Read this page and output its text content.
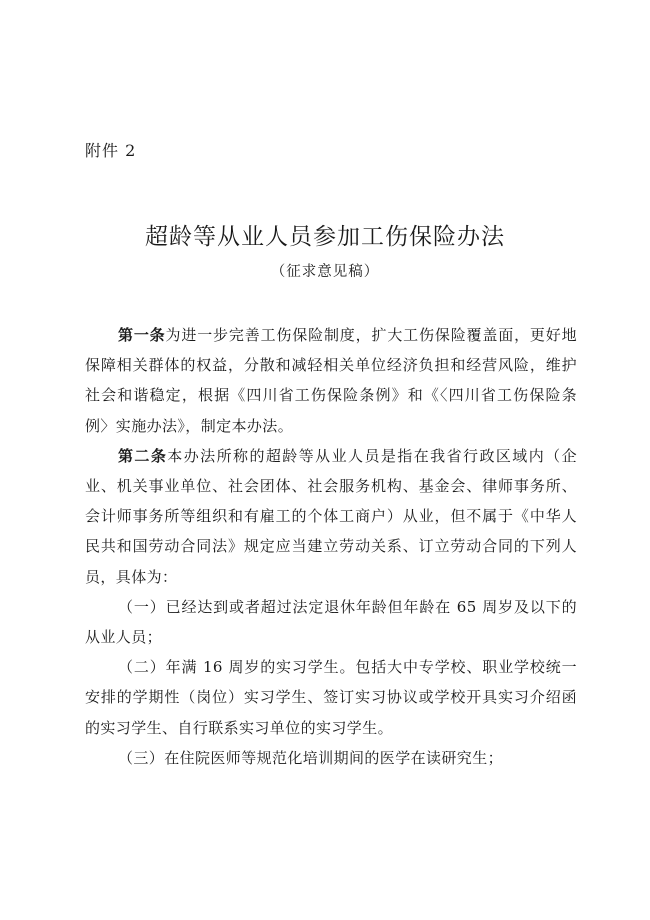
附件 2
超龄等从业人员参加工伤保险办法
（征求意见稿）

第一条为进一步完善工伤保险制度，扩大工伤保险覆盖面，更好地保障相关群体的权益，分散和减轻相关单位经济负担和经营风险，维护社会和谐稳定，根据《四川省工伤保险条例》和《〈四川省工伤保险条例〉实施办法》，制定本办法。

第二条本办法所称的超龄等从业人员是指在我省行政区域内（企业、机关事业单位、社会团体、社会服务机构、基金会、律师事务所、会计师事务所等组织和有雇工的个体工商户）从业，但不属于《中华人民共和国劳动合同法》规定应当建立劳动关系、订立劳动合同的下列人员，具体为：

（一）已经达到或者超过法定退休年龄但年龄在 65 周岁及以下的从业人员；

（二）年满 16 周岁的实习学生。包括大中专学校、职业学校统一安排的学期性（岗位）实习学生、签订实习协议或学校开具实习介绍函的实习学生、自行联系实习单位的实习学生。

（三）在住院医师等规范化培训期间的医学在读研究生；
